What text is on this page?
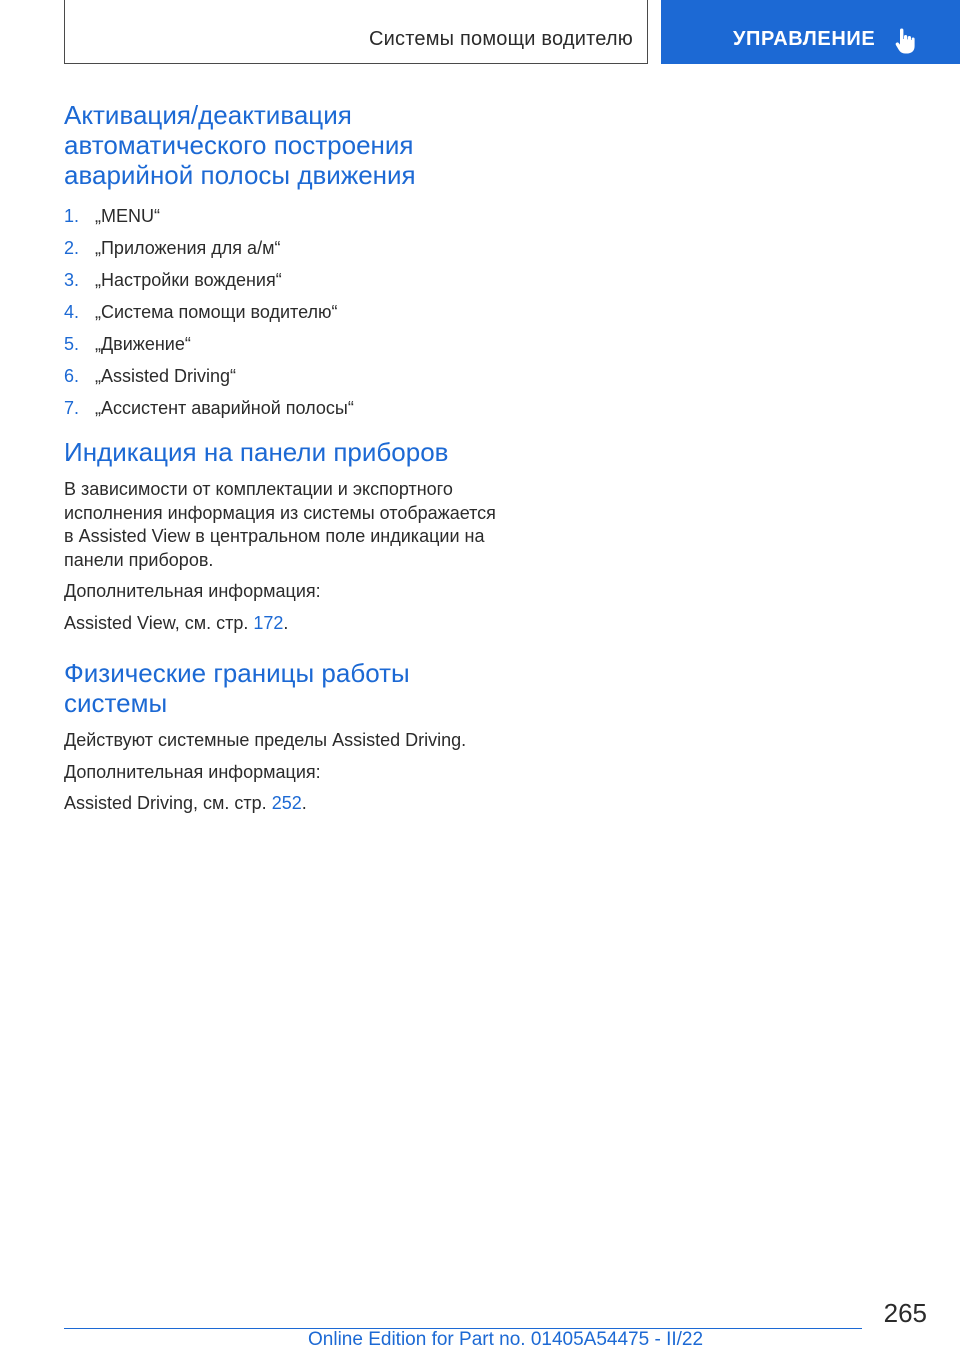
Системы помощи водителю	УПРАВЛЕНИЕ
Активация/деактивация автоматического построения аварийной полосы движения
1. „MENU“
2. „Приложения для а/м“
3. „Настройки вождения“
4. „Система помощи водителю“
5. „Движение“
6. „Assisted Driving“
7. „Ассистент аварийной полосы“
Индикация на панели приборов

В зависимости от комплектации и экспортного исполнения информация из системы отображается в Assisted View в центральном поле индикации на панели приборов.

Дополнительная информация:

Assisted View, см. стр. 172.

Физические границы работы системы

Действуют системные пределы Assisted Driving.

Дополнительная информация:

Assisted Driving, см. стр. 252.

265
Online Edition for Part no. 01405A54475 - II/22
